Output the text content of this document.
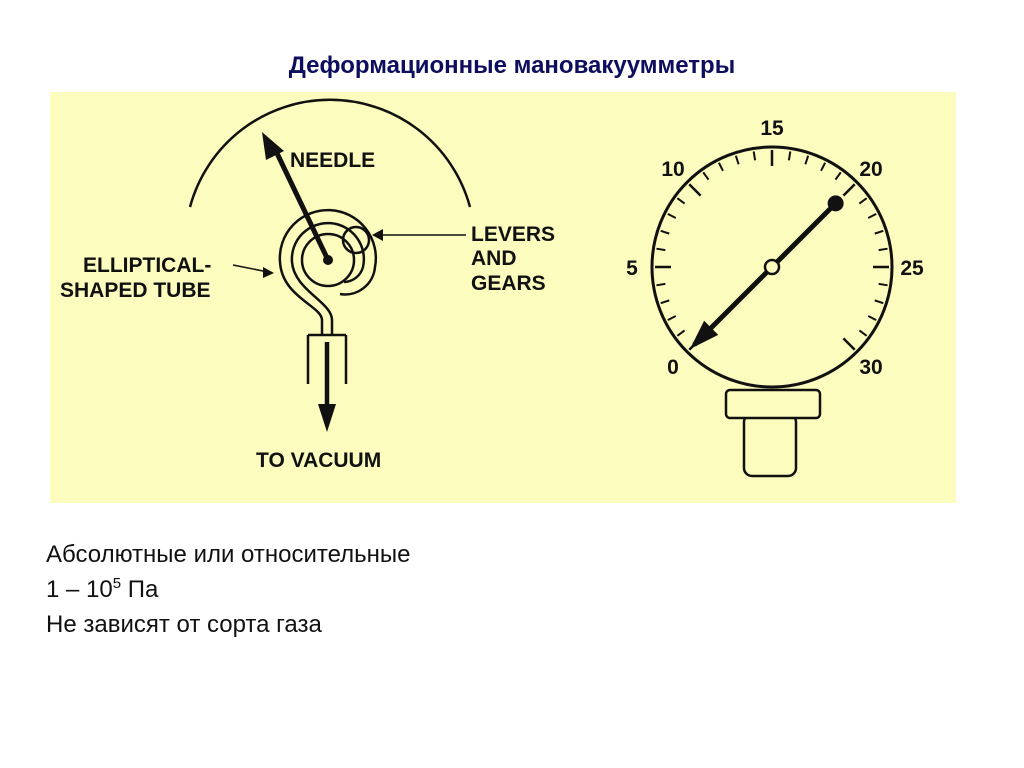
Деформационные мановакуумметры
NEEDLE
ELLIPTICAL-
SHAPED TUBE
LEVERS
AND
GEARS
TO VACUUM
0
5
10
15
20
25
30

Абсолютные или относительные
$1 - 10^5$ Па
Не зависят от сорта газа
